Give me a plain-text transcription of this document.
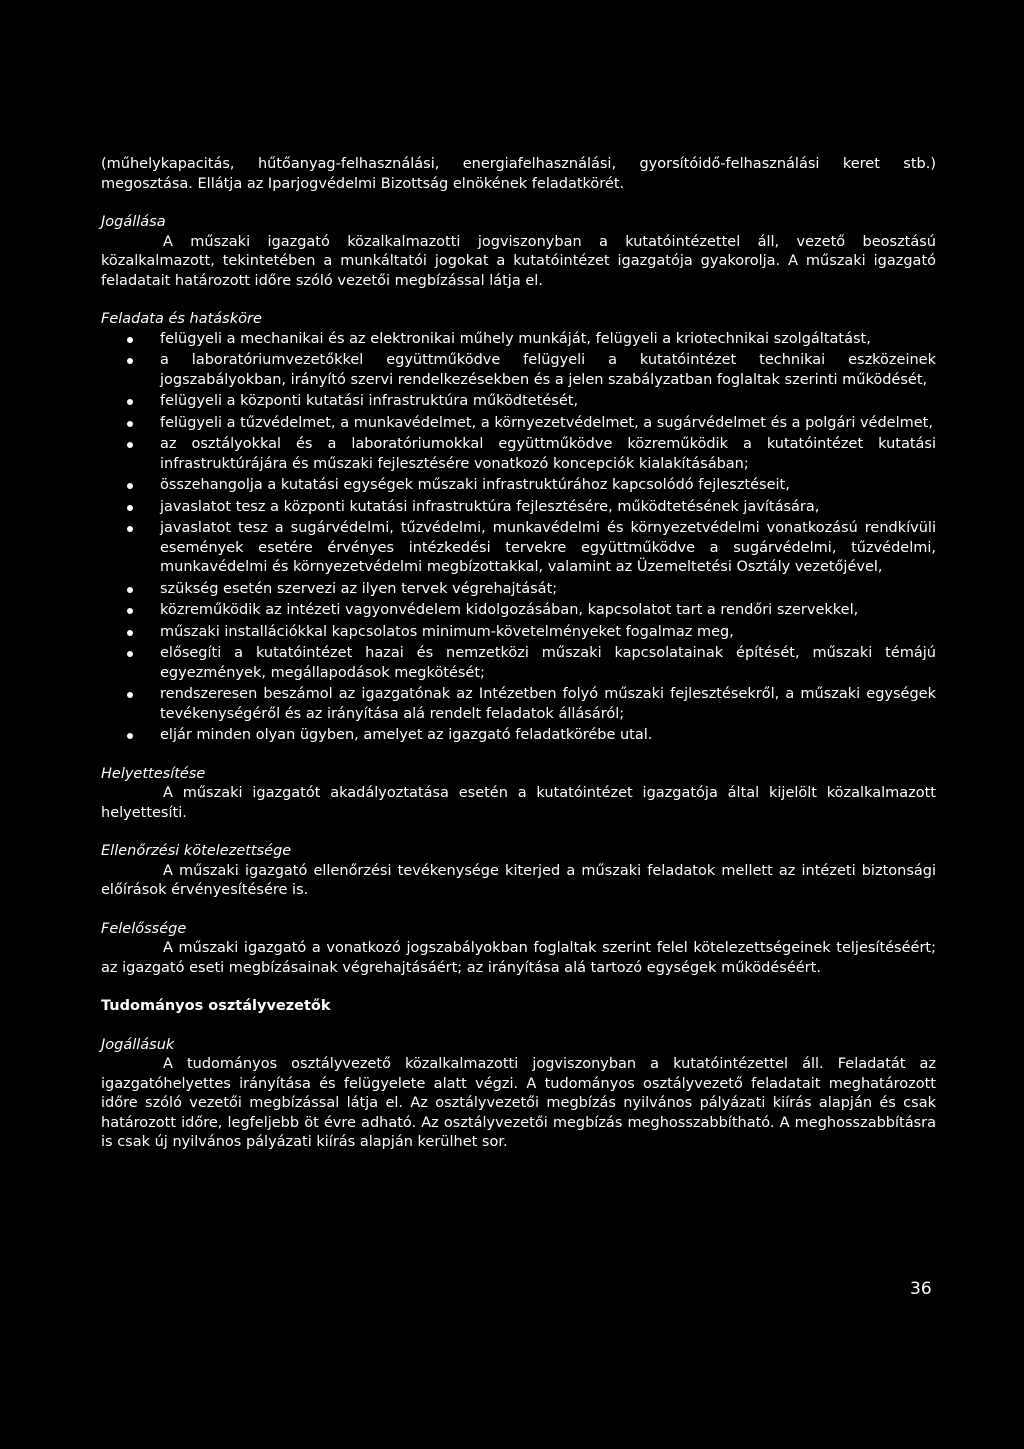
(műhelykapacitás, hűtőanyag-felhasználási, energiafelhasználási, gyorsítóidő-felhasználási keret stb.) megosztása. Ellátja az Iparjogvédelmi Bizottság elnökének feladatkörét.

Jogállása

A műszaki igazgató közalkalmazotti jogviszonyban a kutatóintézettel áll, vezető beosztású közalkalmazott, tekintetében a munkáltatói jogokat a kutatóintézet igazgatója gyakorolja. A műszaki igazgató feladatait határozott időre szóló vezetői megbízással látja el.

Feladata és hatásköre

felügyeli a mechanikai és az elektronikai műhely munkáját, felügyeli a kriotechnikai szolgáltatást,
a laboratóriumvezetőkkel együttműködve felügyeli a kutatóintézet technikai eszközeinek jogszabályokban, irányító szervi rendelkezésekben és a jelen szabályzatban foglaltak szerinti működését,
felügyeli a központi kutatási infrastruktúra működtetését,
felügyeli a tűzvédelmet, a munkavédelmet, a környezetvédelmet, a sugárvédelmet és a polgári védelmet,
az osztályokkal és a laboratóriumokkal együttműködve közreműködik a kutatóintézet kutatási infrastruktúrájára és műszaki fejlesztésére vonatkozó koncepciók kialakításában;
összehangolja a kutatási egységek műszaki infrastruktúrához kapcsolódó fejlesztéseit,
javaslatot tesz a központi kutatási infrastruktúra fejlesztésére, működtetésének javítására,
javaslatot tesz a sugárvédelmi, tűzvédelmi, munkavédelmi és környezetvédelmi vonatkozású rendkívüli események esetére érvényes intézkedési tervekre együttműködve a sugárvédelmi, tűzvédelmi, munkavédelmi és környezetvédelmi megbízottakkal, valamint az Üzemeltetési Osztály vezetőjével,
szükség esetén szervezi az ilyen tervek végrehajtását;
közreműködik az intézeti vagyonvédelem kidolgozásában, kapcsolatot tart a rendőri szervekkel,
műszaki installációkkal kapcsolatos minimum-követelményeket fogalmaz meg,
elősegíti a kutatóintézet hazai és nemzetközi műszaki kapcsolatainak építését, műszaki témájú egyezmények, megállapodások megkötését;
rendszeresen beszámol az igazgatónak az Intézetben folyó műszaki fejlesztésekről, a műszaki egységek tevékenységéről és az irányítása alá rendelt feladatok állásáról;
eljár minden olyan ügyben, amelyet az igazgató feladatkörébe utal.

Helyettesítése

A műszaki igazgatót akadályoztatása esetén a kutatóintézet igazgatója által kijelölt közalkalmazott helyettesíti.

Ellenőrzési kötelezettsége

A műszaki igazgató ellenőrzési tevékenysége kiterjed a műszaki feladatok mellett az intézeti biztonsági előírások érvényesítésére is.

Felelőssége

A műszaki igazgató a vonatkozó jogszabályokban foglaltak szerint felel kötelezettségeinek teljesítéséért; az igazgató eseti megbízásainak végrehajtásáért; az irányítása alá tartozó egységek működéséért.

Tudományos osztályvezetők

Jogállásuk

A tudományos osztályvezető közalkalmazotti jogviszonyban a kutatóintézettel áll. Feladatát az igazgatóhelyettes irányítása és felügyelete alatt végzi. A tudományos osztályvezető feladatait meghatározott időre szóló vezetői megbízással látja el. Az osztályvezetői megbízás nyilvános pályázati kiírás alapján és csak határozott időre, legfeljebb öt évre adható. Az osztályvezetői megbízás meghosszabbítható. A meghosszabbításra is csak új nyilvános pályázati kiírás alapján kerülhet sor.

36
